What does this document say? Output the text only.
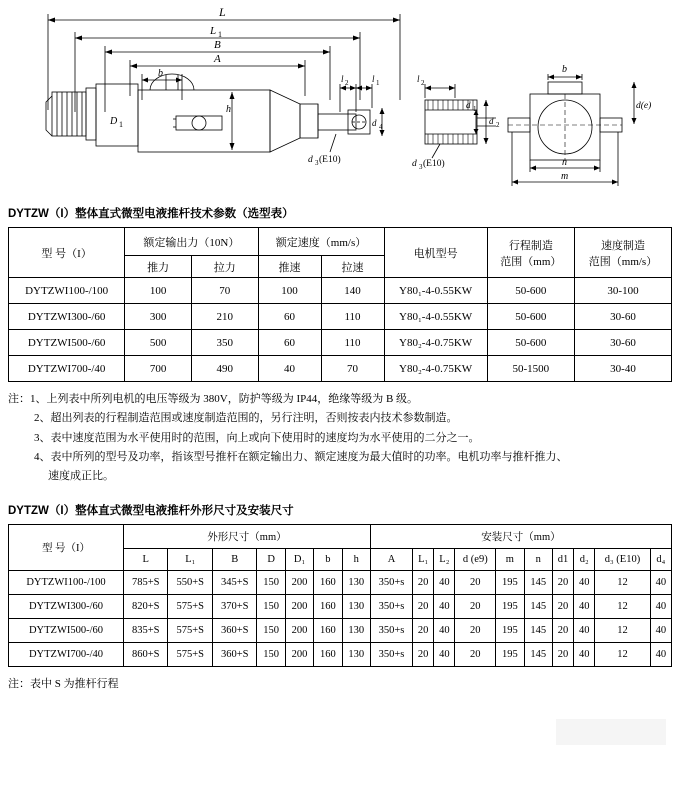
L
L 1
B
A
b
h
D 1
l 2	l 1
d 4
d 3 (E10)
l 2
d 2
d 1
d 3 (E10)
b
d(e)
n
m
DYTZW（I）整体直式微型电液推杆技术参数（选型表）
型 号（I）	额定输出力（10N）		额定速度（mm/s）		电机型号	行程制造
范围（mm）	速度制造
范围（mm/s）
	推力	拉力	推速	拉速			
DYTZWI100-/100	100	70	100	140	Y80₁-4-0.55KW	50-600	30-100
DYTZWI300-/60	300	210	60	110	Y80₁-4-0.55KW	50-600	30-60
DYTZWI500-/60	500	350	60	110	Y80₂-4-0.75KW	50-600	30-60
DYTZWI700-/40	700	490	40	70	Y80₂-4-0.75KW	50-1500	30-40
注：1、上列表中所列电机的电压等级为 380V，防护等级为 IP44，绝缘等级为 B 级。
2、超出列表的行程制造范围或速度制造范围的，另行注明，否则按表内技术参数制造。
3、表中速度范围为水平使用时的范围，向上或向下使用时的速度均为水平使用的二分之一。
4、表中所列的型号及功率，指该型号推杆在额定输出力、额定速度为最大值时的功率。电机功率与推杆推力、
速度成正比。
DYTZW（I）整体直式微型电液推杆外形尺寸及安装尺寸
型 号（I）	外形尺寸（mm）							安装尺寸（mm）									
	L	L₁	B	D	D₁	b	h	A	L₁	L₂	d (e9)	m	n	d1	d₂	d₃ (E10)	d₄
DYTZWI100-/100	785+S	550+S	345+S	150	200	160	130	350+s	20	40	20	195	145	20	40	12	40
DYTZWI300-/60	820+S	575+S	370+S	150	200	160	130	350+s	20	40	20	195	145	20	40	12	40
DYTZWI500-/60	835+S	575+S	360+S	150	200	160	130	350+s	20	40	20	195	145	20	40	12	40
DYTZWI700-/40	860+S	575+S	360+S	150	200	160	130	350+s	20	40	20	195	145	20	40	12	40
注：表中 S 为推杆行程
